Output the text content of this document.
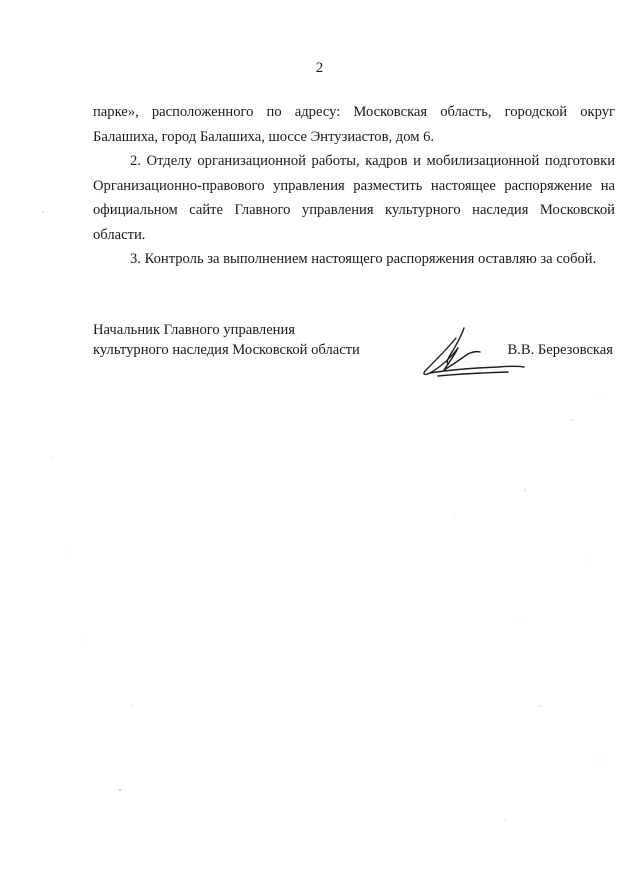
2

парке», расположенного по адресу: Московская область, городской округ Балашиха, город Балашиха, шоссе Энтузиастов, дом 6.

2. Отделу организационной работы, кадров и мобилизационной подготовки Организационно-правового управления разместить настоящее распоряжение на официальном сайте Главного управления культурного наследия Московской области.

3. Контроль за выполнением настоящего распоряжения оставляю за собой.

Начальник Главного управления
культурного наследия Московской области	В.В. Березовская
